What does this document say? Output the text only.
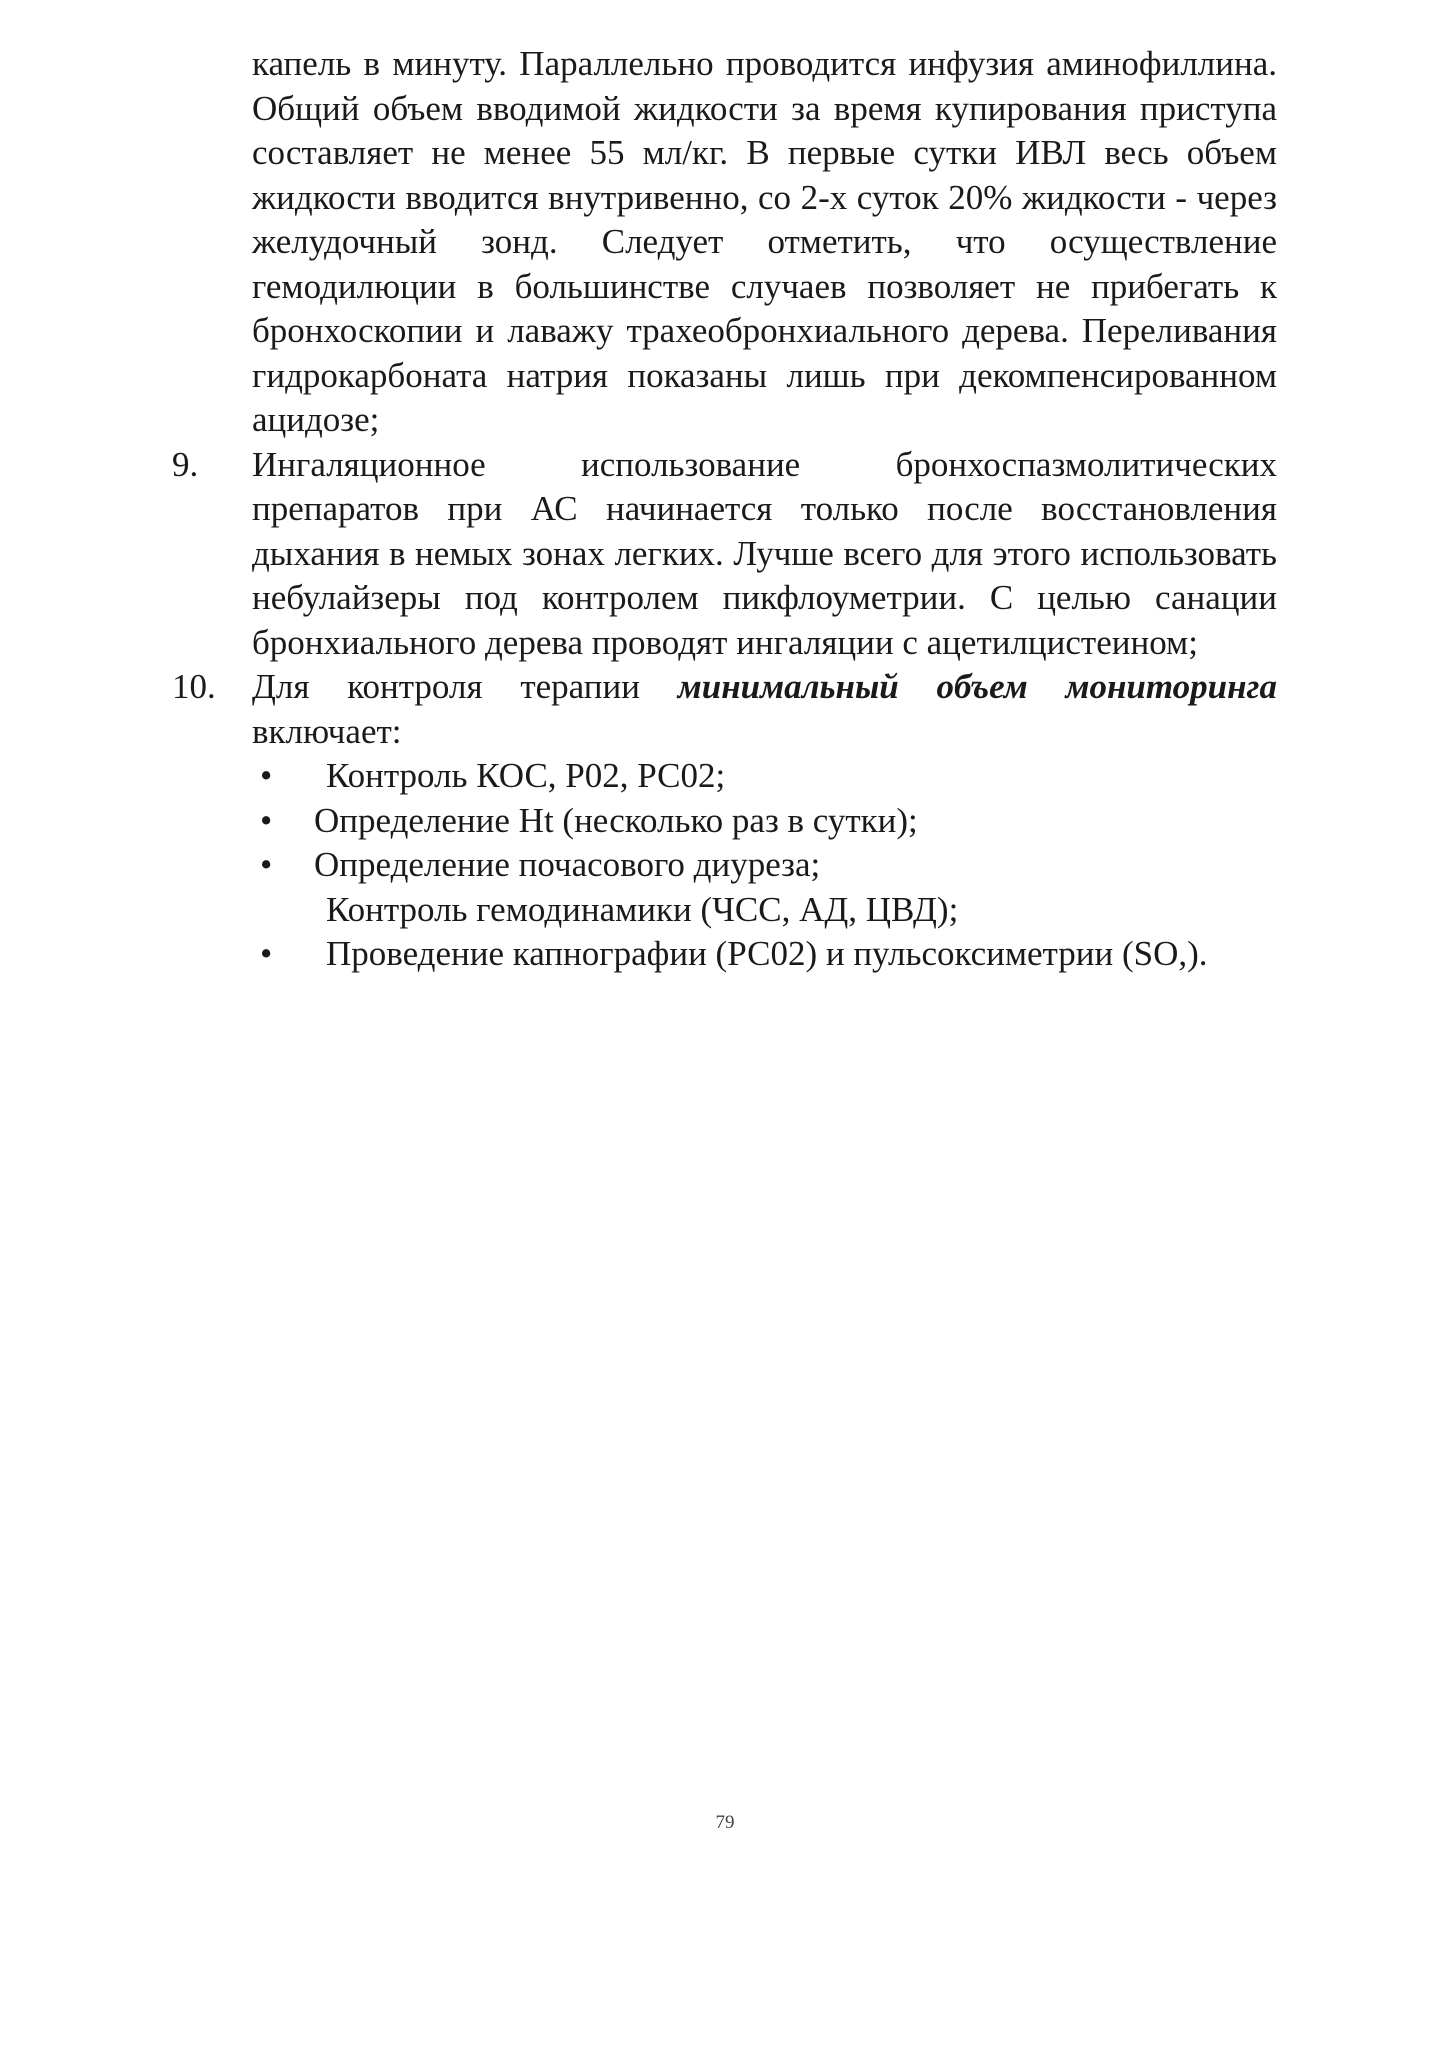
капель в минуту. Параллельно проводится инфузия аминофиллина. Общий объем вводимой жидкости за время купирования приступа составляет не менее 55 мл/кг. В первые сутки ИВЛ весь объем жидкости вводится внутривенно, со 2-х суток 20% жидкости - через желудочный зонд. Следует отметить, что осуществление гемодилюции в большинстве случаев позволяет не прибегать к бронхоскопии и лаважу трахеобронхиального дерева. Переливания гидрокарбоната натрия показаны лишь при декомпенсированном ацидозе;

9.	Ингаляционное использование бронхоспазмолитических препаратов при АС начинается только после восстановления дыхания в немых зонах легких. Лучше всего для этого использовать небулайзеры под контролем пикфлоуметрии. С целью санации бронхиального дерева проводят ингаляции с ацетилцистеином;
10.	Для контроля терапии минимальный объем мониторинга включает:
• Контроль КОС, Р02, РС02;
• Определение Ht (несколько раз в сутки);
• Определение почасового диуреза;
Контроль гемодинамики (ЧСС, АД, ЦВД);
• Проведение капнографии (РС02) и пульсоксиметрии (SO,).
79
